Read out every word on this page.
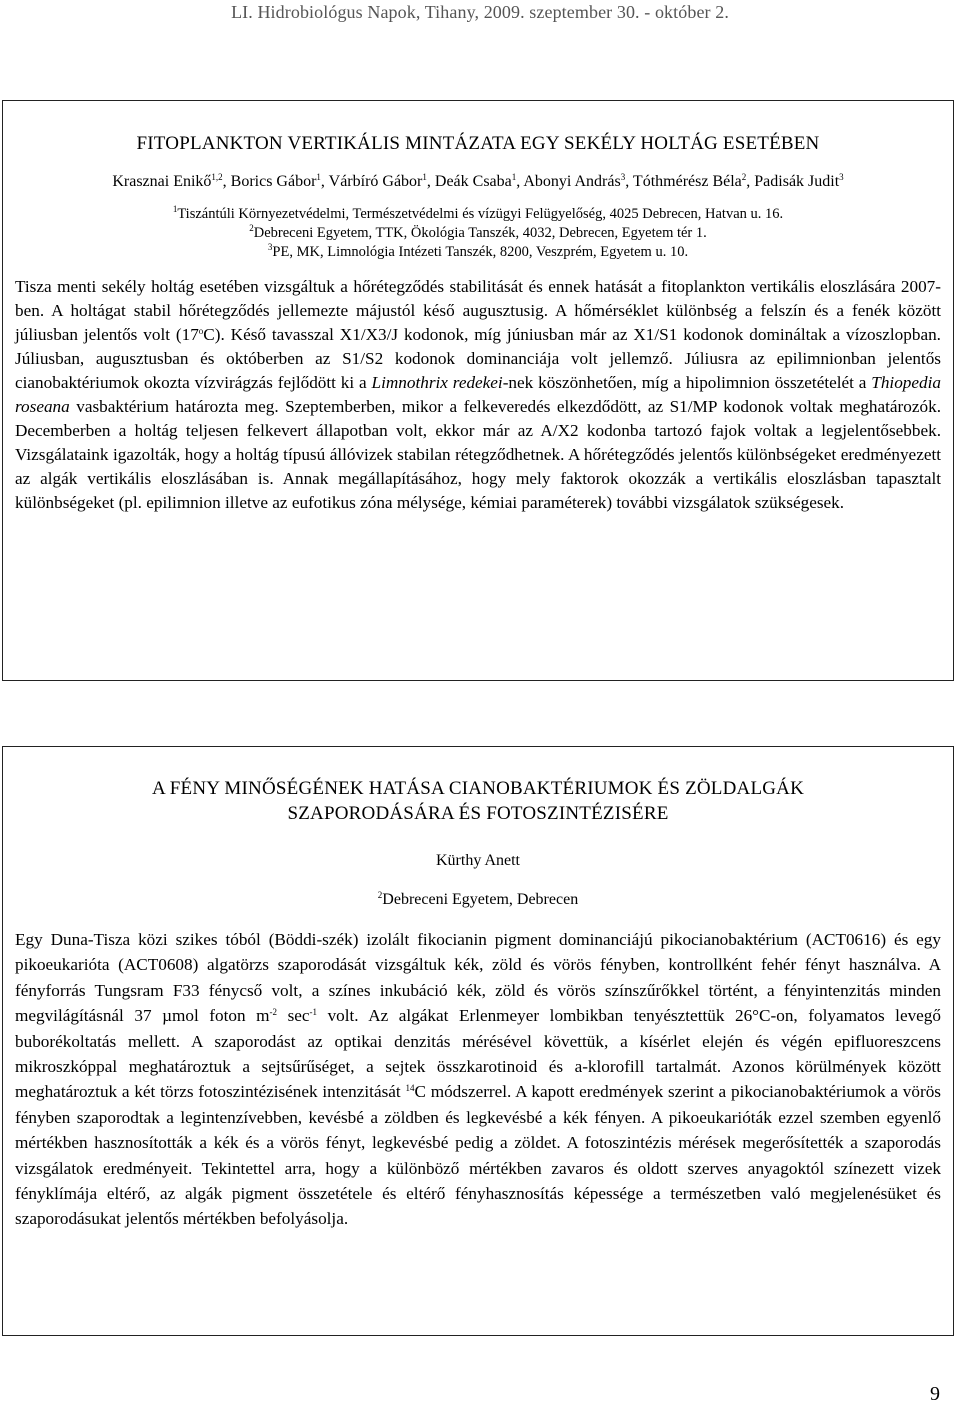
LI. Hidrobiológus Napok, Tihany, 2009. szeptember 30. - október 2.
FITOPLANKTON VERTIKÁLIS MINTÁZATA EGY SEKÉLY HOLTÁG ESETÉBEN
Krasznai Enikő$^{1,2}$, Borics Gábor$^1$, Várbíró Gábor$^1$, Deák Csaba$^1$, Abonyi András$^3$, Tóthmérész Béla$^2$, Padisák Judit$^3$
$^1$Tiszántúli Környezetvédelmi, Természetvédelmi és vízügyi Felügyelőség, 4025 Debrecen, Hatvan u. 16.
$^2$Debreceni Egyetem, TTK, Ökológia Tanszék, 4032, Debrecen, Egyetem tér 1.
$^3$PE, MK, Limnológia Intézeti Tanszék, 8200, Veszprém, Egyetem u. 10.
Tisza menti sekély holtág esetében vizsgáltuk a hőrétegződés stabilitását és ennek hatását a fitoplankton vertikális eloszlására 2007-ben. A holtágat stabil hőrétegződés jellemezte májustól késő augusztusig. A hőmérséklet különbség a felszín és a fenék között júliusban jelentős volt (17$^o$C). Késő tavasszal X1/X3/J kodonok, míg júniusban már az X1/S1 kodonok domináltak a vízoszlopban. Júliusban, augusztusban és októberben az S1/S2 kodonok dominanciája volt jellemző. Júliusra az epilimnionban jelentős cianobaktériumok okozta vízvirágzás fejlődött ki a Limnothrix redekei-nek köszönhetően, míg a hipolimnion összetételét a Thiopedia roseana vasbaktérium határozta meg. Szeptemberben, mikor a felkeveredés elkezdődött, az S1/MP kodonok voltak meghatározók. Decemberben a holtág teljesen felkevert állapotban volt, ekkor már az A/X2 kodonba tartozó fajok voltak a legjelentősebbek. Vizsgálataink igazolták, hogy a holtág típusú állóvizek stabilan rétegződhetnek. A hőrétegződés jelentős különbségeket eredményezett az algák vertikális eloszlásában is. Annak megállapításához, hogy mely faktorok okozzák a vertikális eloszlásban tapasztalt különbségeket (pl. epilimnion illetve az eufotikus zóna mélysége, kémiai paraméterek) további vizsgálatok szükségesek.
A FÉNY MINŐSÉGÉNEK HATÁSA CIANOBAKTÉRIUMOK ÉS ZÖLDALGÁK
SZAPORODÁSÁRA ÉS FOTOSZINTÉZISÉRE
Kürthy Anett
$^2$Debreceni Egyetem, Debrecen
Egy Duna-Tisza közi szikes tóból (Böddi-szék) izolált fikocianin pigment dominanciájú pikocianobaktérium (ACT0616) és egy pikoeukarióta (ACT0608) algatörzs szaporodását vizsgáltuk kék, zöld és vörös fényben, kontrollként fehér fényt használva. A fényforrás Tungsram F33 fénycső volt, a színes inkubáció kék, zöld és vörös színszűrőkkel történt, a fényintenzitás minden megvilágításnál 37 µmol foton $m^{-2}$ $\sec^{-1}$ volt. Az algákat Erlenmeyer lombikban tenyésztettük 26°C-on, folyamatos levegő buborékoltatás mellett. A szaporodást az optikai denzitás mérésével követtük, a kísérlet elején és végén epifluoreszcens mikroszkóppal meghatároztuk a sejtsűrűséget, a sejtek összkarotinoid és a-klorofill tartalmát. Azonos körülmények között meghatároztuk a két törzs fotoszintézisének intenzitását $^{14}$C módszerrel. A kapott eredmények szerint a pikocianobaktériumok a vörös fényben szaporodtak a legintenzívebben, kevésbé a zöldben és legkevésbé a kék fényen. A pikoeukarióták ezzel szemben egyenlő mértékben hasznosították a kék és a vörös fényt, legkevésbé pedig a zöldet. A fotoszintézis mérések megerősítették a szaporodás vizsgálatok eredményeit. Tekintettel arra, hogy a különböző mértékben zavaros és oldott szerves anyagoktól színezett vizek fényklímája eltérő, az algák pigment összetétele és eltérő fényhasznosítás képessége a természetben való megjelenésüket és szaporodásukat jelentős mértékben befolyásolja.
9
